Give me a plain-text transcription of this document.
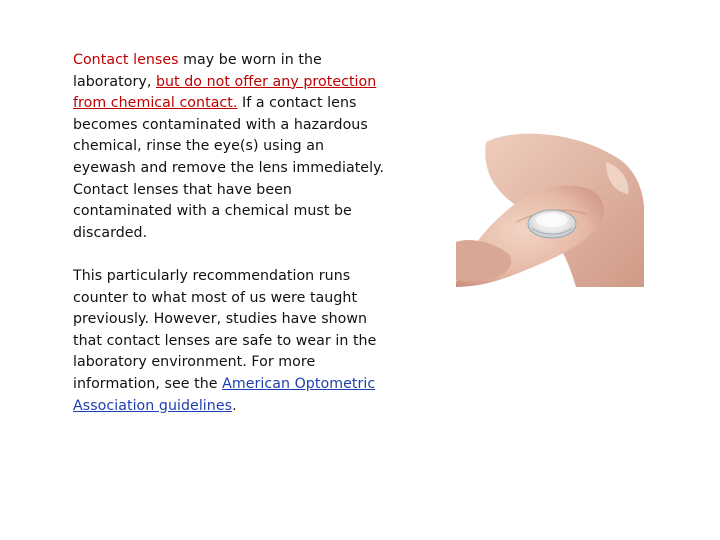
Contact lenses may be worn in the laboratory, but do not offer any protection from chemical contact. If a contact lens becomes contaminated with a hazardous chemical, rinse the eye(s) using an eyewash and remove the lens immediately. Contact lenses that have been contaminated with a chemical must be discarded.

This particularly recommendation runs counter to what most of us were taught previously. However, studies have shown that contact lenses are safe to wear in the laboratory environment. For more information, see the American Optometric Association guidelines.
